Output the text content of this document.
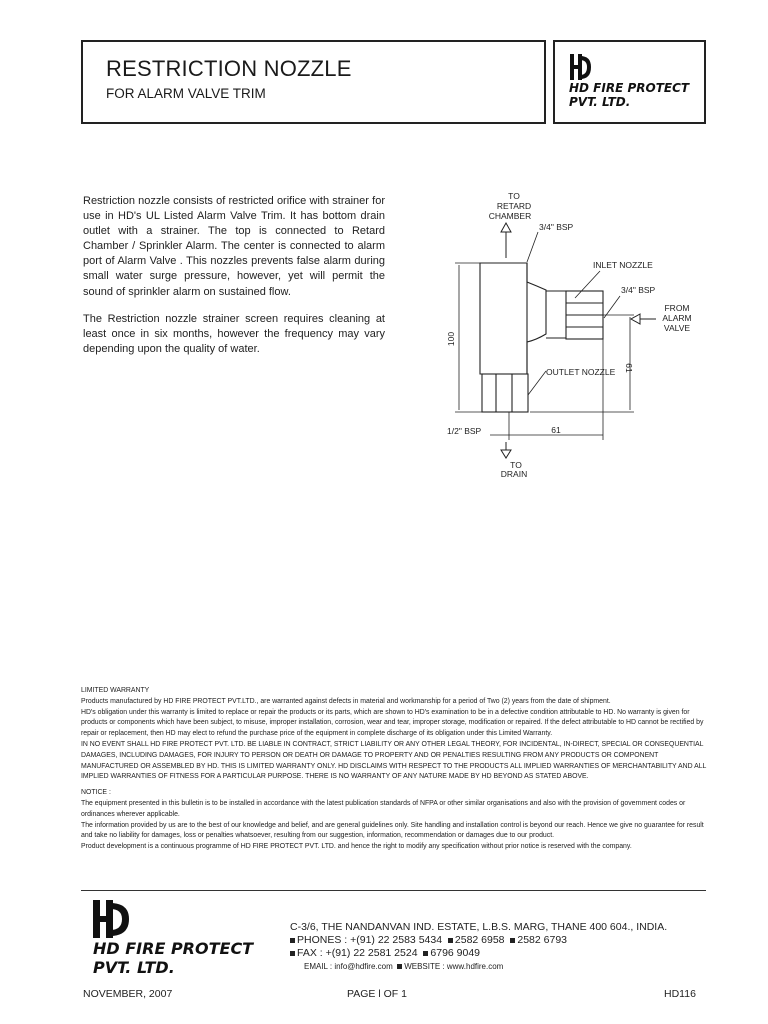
RESTRICTION NOZZLE
FOR ALARM VALVE TRIM	HD FIRE PROTECT
PVT. LTD.

Restriction nozzle consists of restricted orifice with strainer for use in HD's UL Listed Alarm Valve Trim. It has bottom drain outlet with a strainer. The top is connected to Retard Chamber / Sprinkler Alarm. The center is connected to alarm port of Alarm Valve . This nozzles prevents false alarm during small water surge pressure, however, yet will permit the sound of sprinkler alarm on sustained flow.

The Restriction nozzle strainer screen requires cleaning at least once in six months, however the frequency may vary depending upon the quality of water.

TO
RETARD
CHAMBER
3/4" BSP
INLET NOZZLE
3/4" BSP
FROM
ALARM
VALVE
100
61
OUTLET NOZZLE
1/2" BSP	61
TO
DRAIN
LIMITED WARRANTY
Products manufactured by HD FIRE PROTECT PVT.LTD., are warranted against defects in material and workmanship for a period of Two (2) years from the date of shipment.
HD's obligation under this warranty is limited to replace or repair the products or its parts, which are shown to HD's examination to be in a defective condition attributable to HD. No warranty is given for products or components which have been subject, to misuse, improper installation, corrosion, wear and tear, improper storage, modification or repaired. If the defect attributable to HD cannot be rectified by repair or replacement, then HD may elect to refund the purchase price of the equipment in complete discharge of its obligation under this Limited Warranty.
IN NO EVENT SHALL HD FIRE PROTECT PVT. LTD. BE LIABLE IN CONTRACT, STRICT LIABILITY OR ANY OTHER LEGAL THEORY, FOR INCIDENTAL, IN-DIRECT, SPECIAL OR CONSEQUENTIAL DAMAGES, INCLUDING DAMAGES, FOR INJURY TO PERSON OR DEATH OR DAMAGE TO PROPERTY AND OR PENALTIES RESULTING FROM ANY PRODUCTS OR COMPONENT MANUFACTURED OR ASSEMBLED BY HD. THIS IS LIMITED WARRANTY ONLY. HD DISCLAIMS WITH RESPECT TO THE PRODUCTS ALL IMPLIED WARRANTIES OF MERCHANTABILITY AND ALL IMPLIED WARRANTIES OF FITNESS FOR A PARTICULAR PURPOSE. THERE IS NO WARRANTY OF ANY NATURE MADE BY HD BEYOND AS STATED ABOVE.
NOTICE :
The equipment presented in this bulletin is to be installed in accordance with the latest publication standards of NFPA or other similar organisations and also with the provision of government codes or ordinances wherever applicable.
The information provided by us are to the best of our knowledge and belief, and are general guidelines only. Site handling and installation control is beyond our reach. Hence we give no guarantee for result and take no liability for damages, loss or penalties whatsoever, resulting from our suggestion, information, recommendation or damages due to our product.
Product development is a continuous programme of HD FIRE PROTECT PVT. LTD. and hence the right to modify any specification without prior notice is reserved with the company.
HD FIRE PROTECT
PVT. LTD.
C-3/6, THE NANDANVAN IND. ESTATE, L.B.S. MARG, THANE 400 604., INDIA.
PHONES : +(91) 22 2583 5434 2582 6958 2582 6793
FAX : +(91) 22 2581 2524 6796 9049
EMAIL : info@hdfire.com WEBSITE : www.hdfire.com
NOVEMBER, 2007	PAGE l OF 1	HD116
